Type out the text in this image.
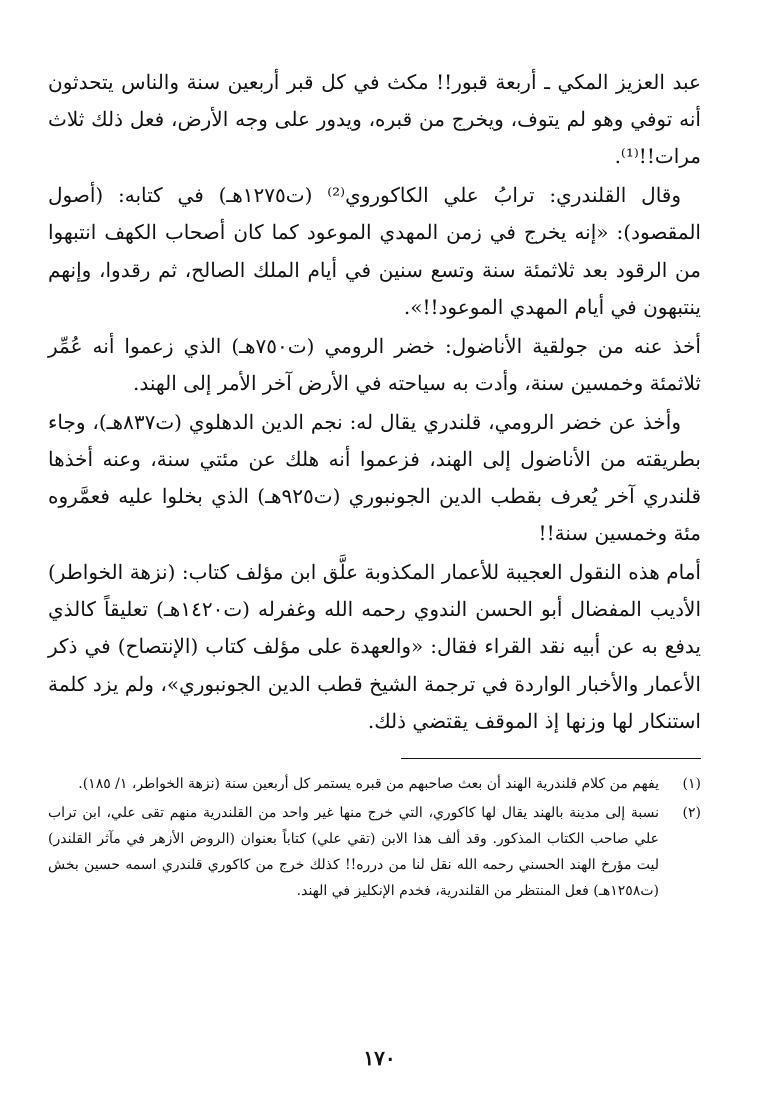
عبد العزيز المكي ـ أربعة قبور!! مكث في كل قبر أربعين سنة والناس يتحدثون أنه توفي وهو لم يتوف، ويخرج من قبره، ويدور على وجه الأرض، فعل ذلك ثلاث مرات!!⁽¹⁾.

وقال القلندري: ترابُ علي الكاكوروي⁽²⁾ (ت١٢٧٥هـ) في كتابه: (أصول المقصود): «إنه يخرج في زمن المهدي الموعود كما كان أصحاب الكهف انتبهوا من الرقود بعد ثلاثمئة سنة وتسع سنين في أيام الملك الصالح، ثم رقدوا، وإنهم ينتبهون في أيام المهدي الموعود!!».

أخذ عنه من جولقية الأناضول: خضر الرومي (ت٧٥٠هـ) الذي زعموا أنه عُمِّر ثلاثمئة وخمسين سنة، وأدت به سياحته في الأرض آخر الأمر إلى الهند.

وأخذ عن خضر الرومي، قلندري يقال له: نجم الدين الدهلوي (ت٨٣٧هـ)، وجاء بطريقته من الأناضول إلى الهند، فزعموا أنه هلك عن مئتي سنة، وعنه أخذها قلندري آخر يُعرف بقطب الدين الجونبوري (ت٩٢٥هـ) الذي بخلوا عليه فعمَّروه مئة وخمسين سنة!!

أمام هذه النقول العجيبة للأعمار المكذوبة علَّق ابن مؤلف كتاب: (نزهة الخواطر) الأديب المفضال أبو الحسن الندوي رحمه الله وغفرله (ت١٤٢٠هـ) تعليقاً كالذي يدفع به عن أبيه نقد القراء فقال: «والعهدة على مؤلف كتاب (الإنتصاح) في ذكر الأعمار والأخبار الواردة في ترجمة الشيخ قطب الدين الجونبوري»، ولم يزد كلمة استنكار لها وزنها إذ الموقف يقتضي ذلك.

(١)
يفهم من كلام قلندرية الهند أن بعث صاحبهم من قبره يستمر كل أربعين سنة (نزهة الخواطر، ١/ ١٨٥).
(٢)
نسبة إلى مدينة بالهند يقال لها كاكوري، التي خرج منها غير واحد من القلندرية منهم تقى علي، ابن تراب علي صاحب الكتاب المذكور. وقد ألف هذا الابن (تقي علي) كتاباً بعنوان (الروض الأزهر في مآثر القلندر) ليت مؤرخ الهند الحسني رحمه الله نقل لنا من درره!! كذلك خرج من كاكوري قلندري اسمه حسين بخش (ت١٢٥٨هـ) فعل المنتظر من القلندرية، فخدم الإنكليز في الهند.
١٧٠
